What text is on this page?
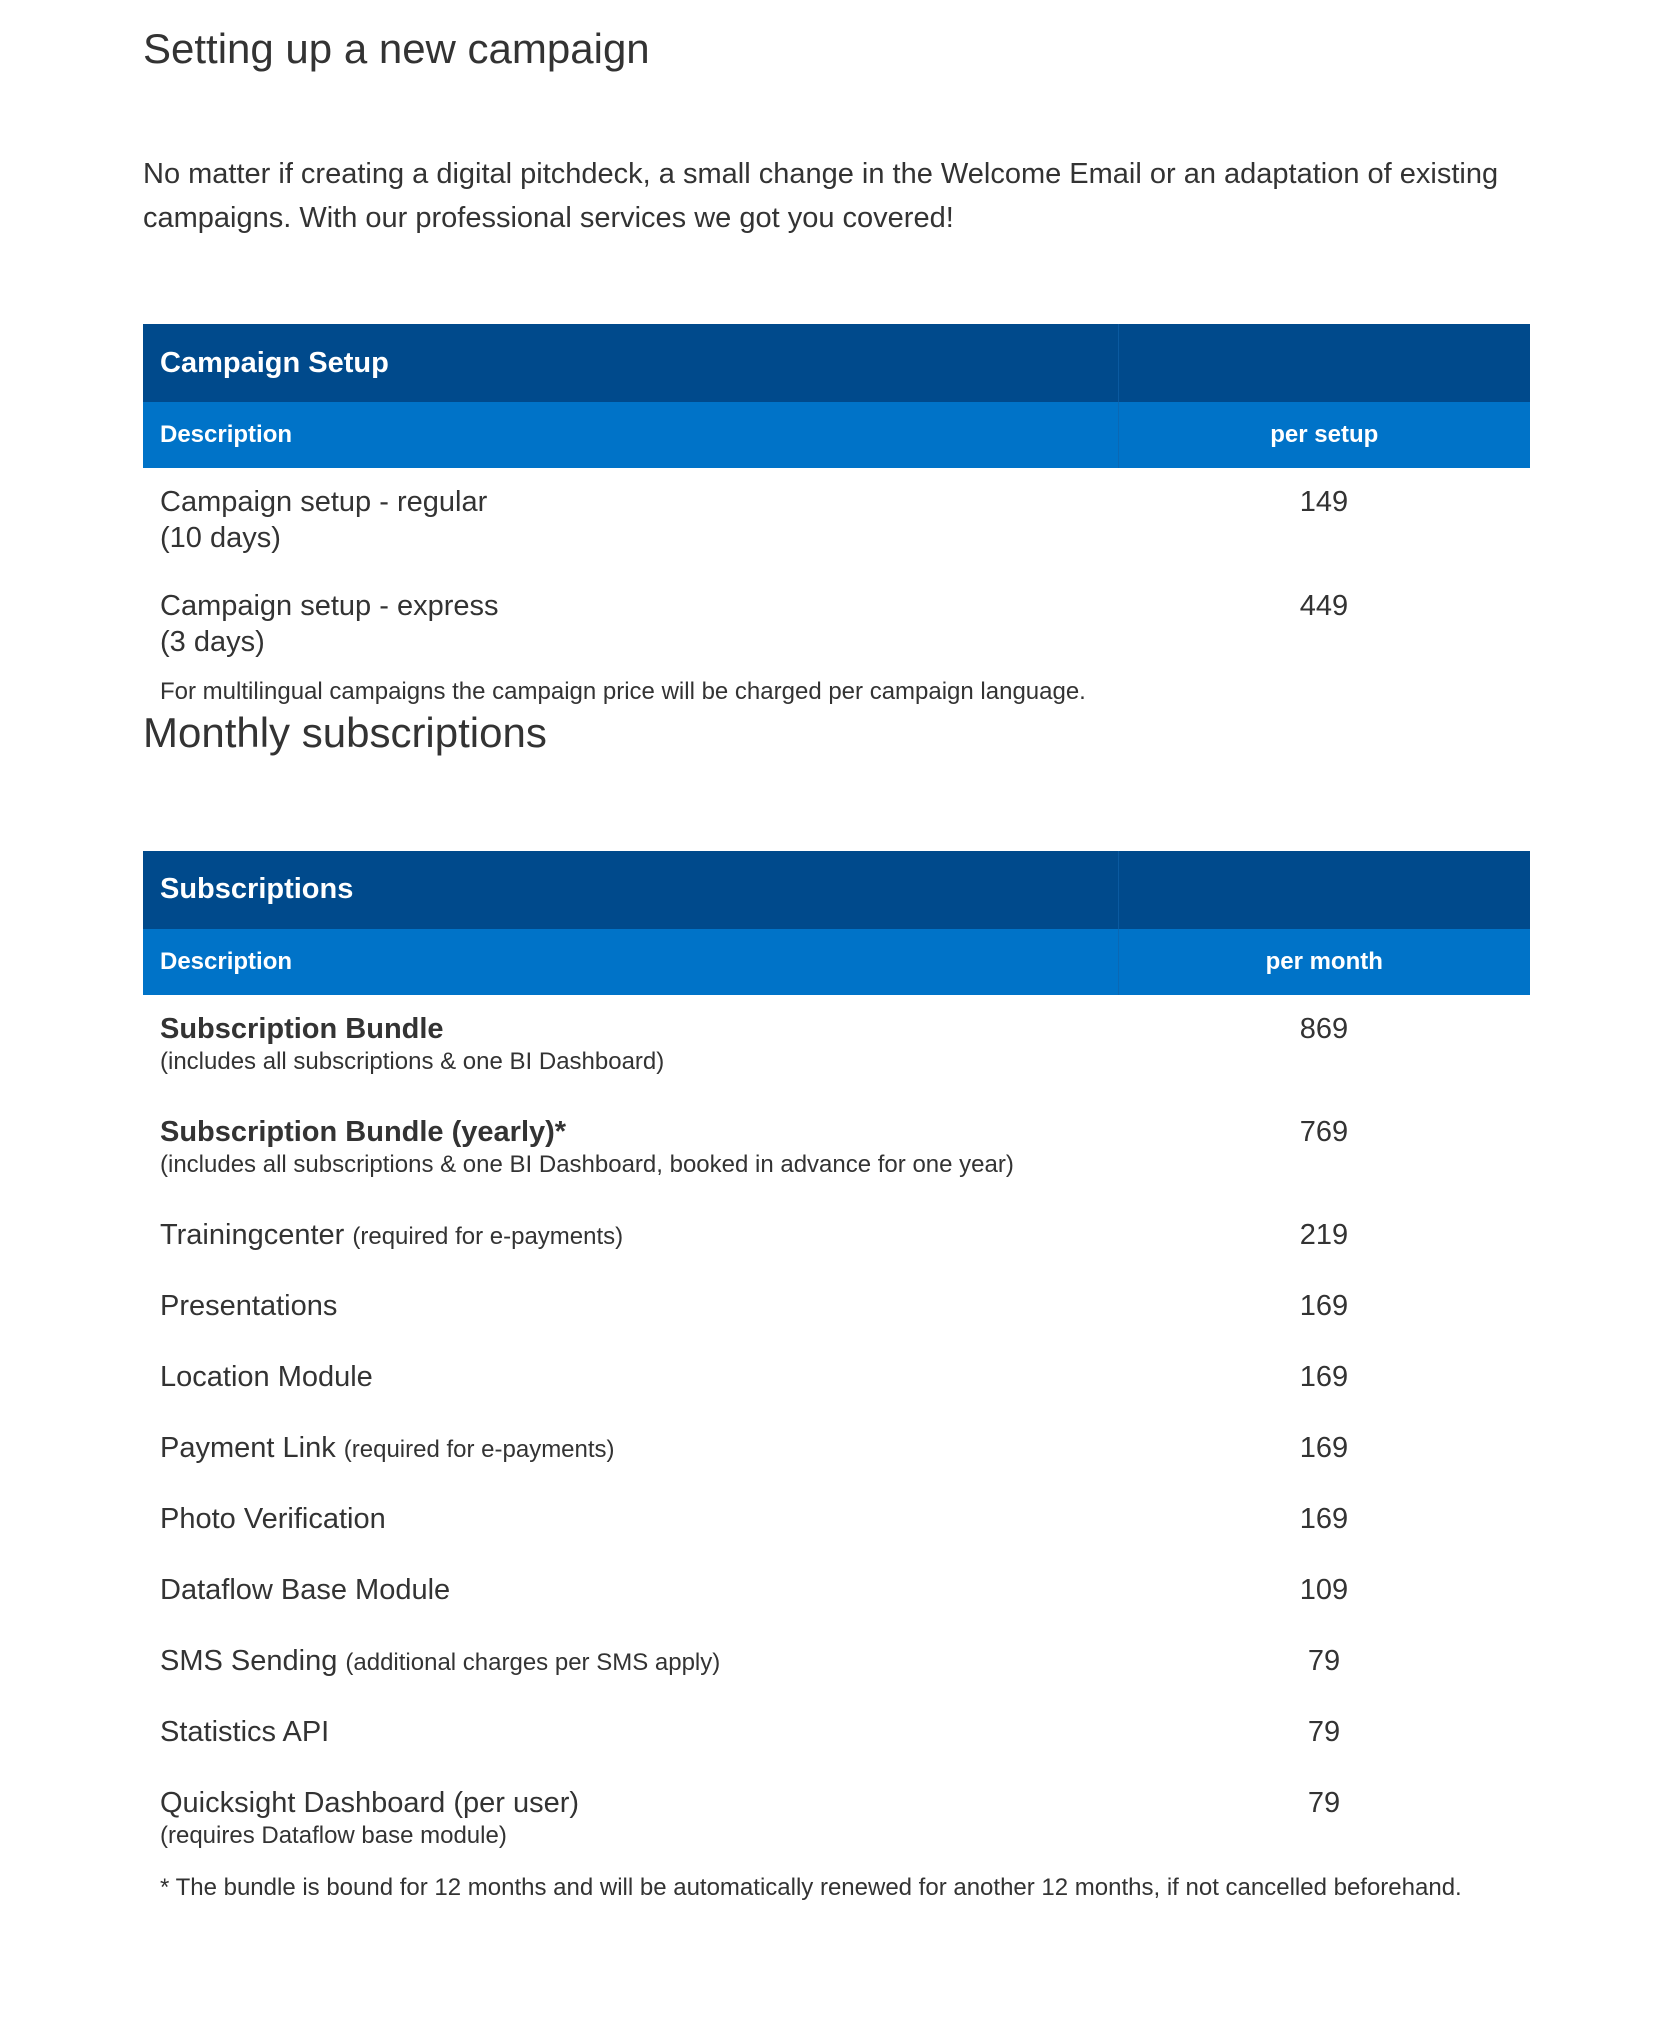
Setting up a new campaign

No matter if creating a digital pitchdeck, a small change in the Welcome Email or an adaptation of existing campaigns. With our professional services we got you covered!

Campaign Setup	
Description	per setup

Campaign setup - regular
(10 days)	149

Campaign setup - express
(3 days)	449
For multilingual campaigns the campaign price will be charged per campaign language.	
Monthly subscriptions
Subscriptions	
Description	per month

Subscription Bundle
(includes all subscriptions & one BI Dashboard)	869

Subscription Bundle (yearly)*
(includes all subscriptions & one BI Dashboard, booked in advance for one year)	769

Trainingcenter (required for e-payments)	219

Presentations	169

Location Module	169

Payment Link (required for e-payments)	169

Photo Verification	169

Dataflow Base Module	109

SMS Sending (additional charges per SMS apply)	79

Statistics API	79

Quicksight Dashboard (per user)
(requires Dataflow base module)	79
* The bundle is bound for 12 months and will be automatically renewed for another 12 months, if not cancelled beforehand.	
